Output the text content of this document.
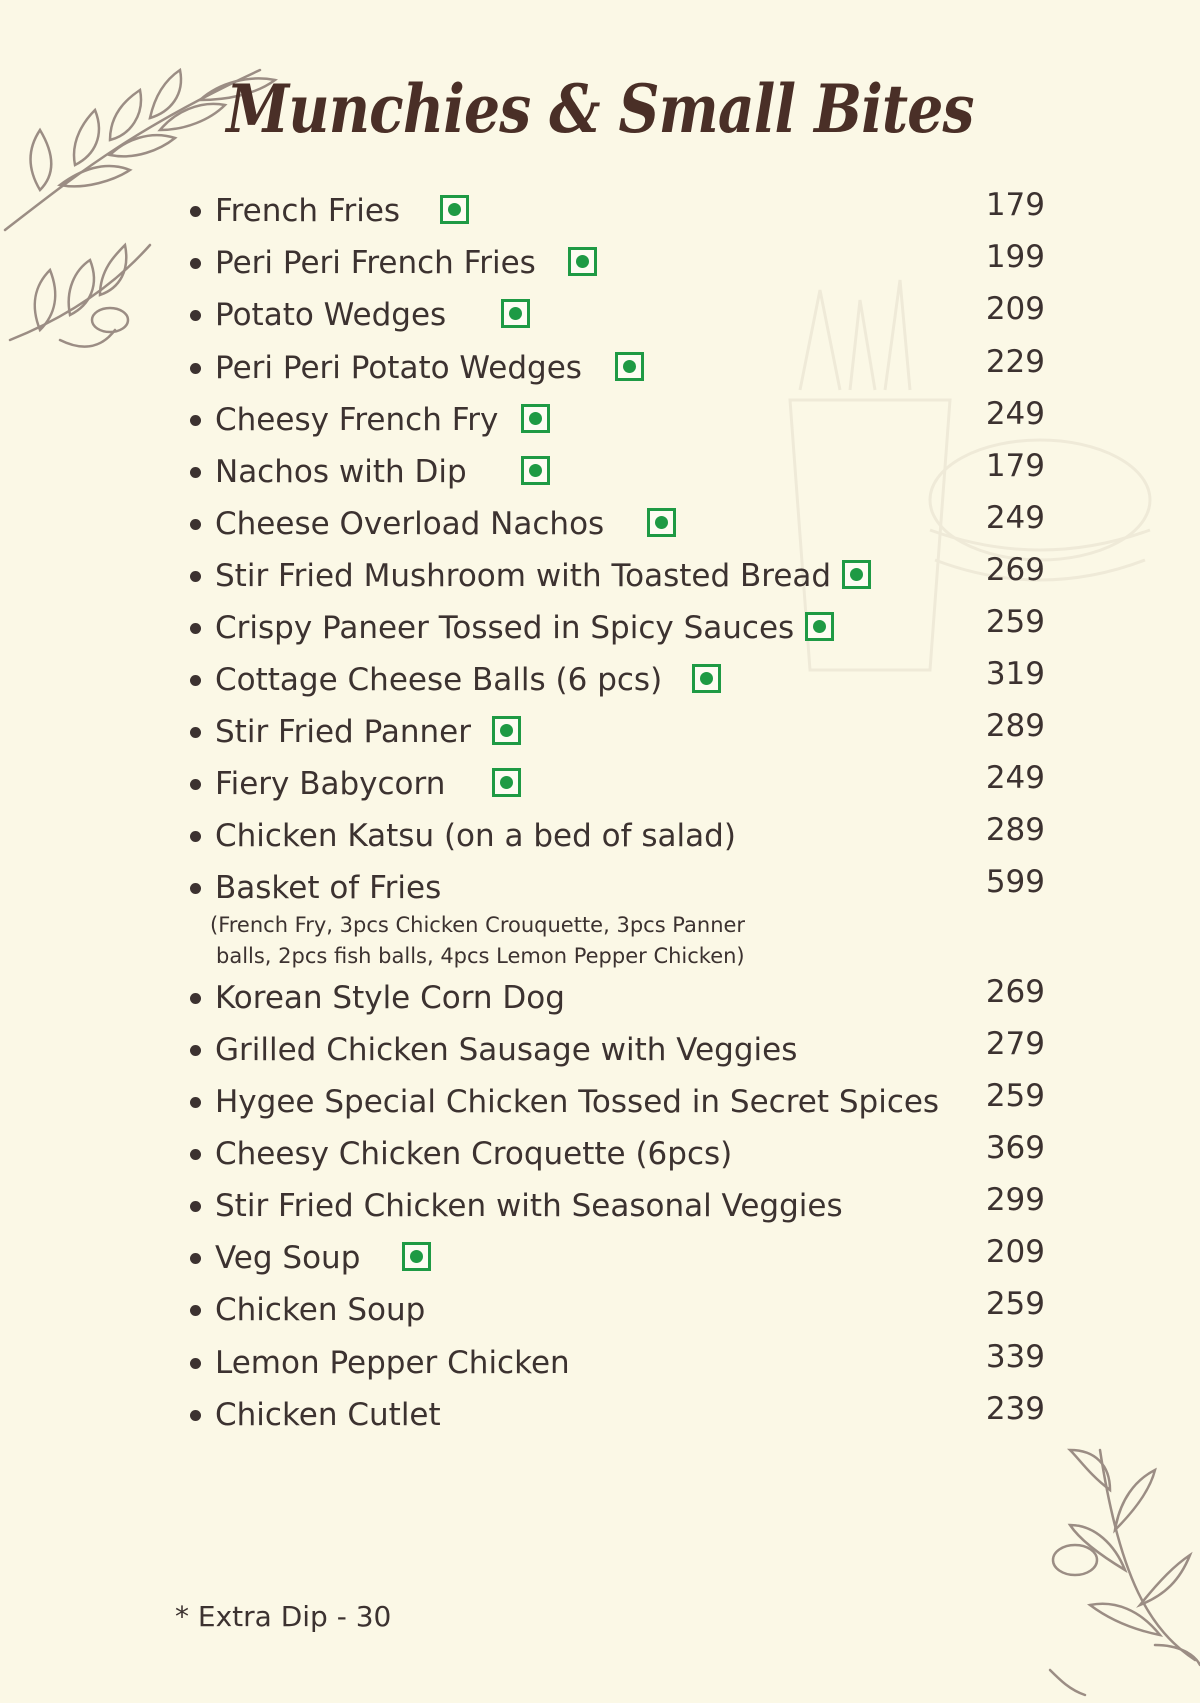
Munchies & Small Bites
French Fries	179
Peri Peri French Fries	199
Potato Wedges	209
Peri Peri Potato Wedges	229
Cheesy French Fry	249
Nachos with Dip	179
Cheese Overload Nachos	249
Stir Fried Mushroom with Toasted Bread	269
Crispy Paneer Tossed in Spicy Sauces	259
Cottage Cheese Balls (6 pcs)	319
Stir Fried Panner	289
Fiery Babycorn	249
Chicken Katsu (on a bed of salad)	289
Basket of Fries	599
(French Fry, 3pcs Chicken Crouquette, 3pcs Panner
balls, 2pcs fish balls, 4pcs Lemon Pepper Chicken)
Korean Style Corn Dog	269
Grilled Chicken Sausage with Veggies	279
Hygee Special Chicken Tossed in Secret Spices	259
Cheesy Chicken Croquette (6pcs)	369
Stir Fried Chicken with Seasonal Veggies	299
Veg Soup	209
Chicken Soup	259
Lemon Pepper Chicken	339
Chicken Cutlet	239
* Extra Dip - 30
